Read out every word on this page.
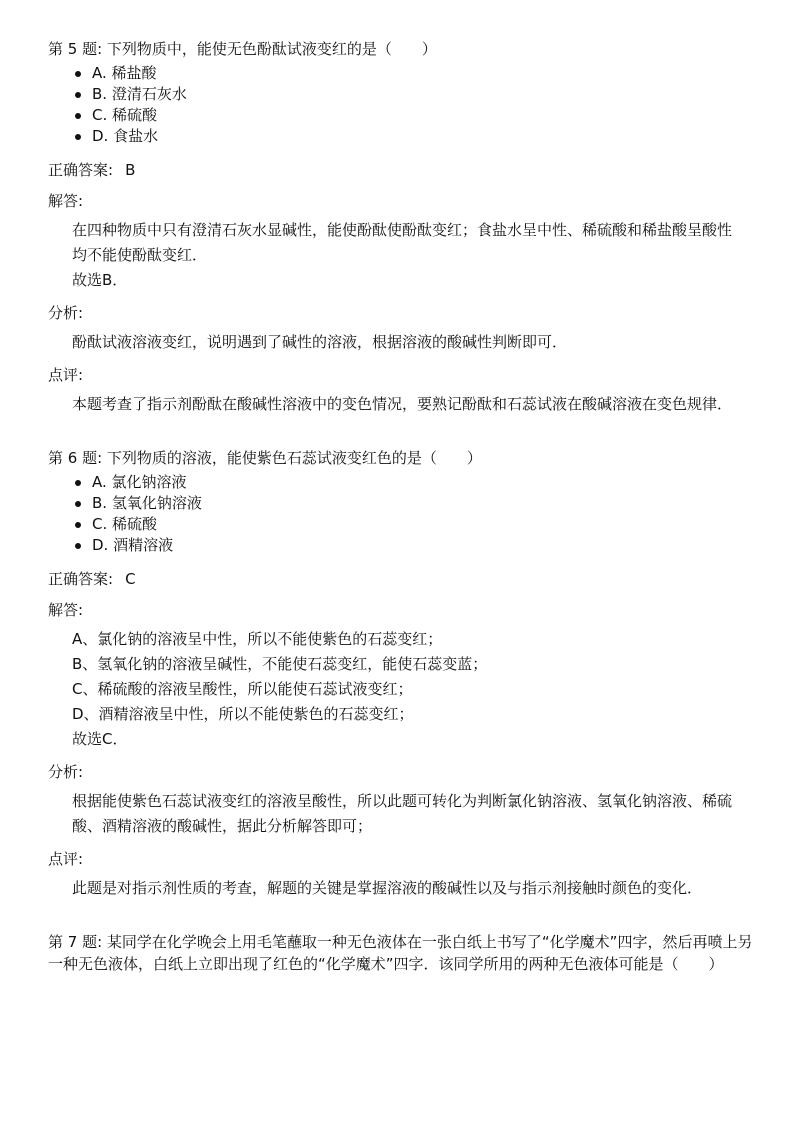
第 5 题: 下列物质中，能使无色酚酞试液变红的是（　　）

A. 稀盐酸
B. 澄清石灰水
C. 稀硫酸
D. 食盐水
正确答案: B
解答:

在四种物质中只有澄清石灰水显碱性，能使酚酞使酚酞变红；食盐水呈中性、稀硫酸和稀盐酸呈酸性均不能使酚酞变红．

故选B．

分析:

酚酞试液溶液变红，说明遇到了碱性的溶液，根据溶液的酸碱性判断即可．

点评:

本题考查了指示剂酚酞在酸碱性溶液中的变色情况，要熟记酚酞和石蕊试液在酸碱溶液在变色规律．

第 6 题: 下列物质的溶液，能使紫色石蕊试液变红色的是（　　）

A. 氯化钠溶液
B. 氢氧化钠溶液
C. 稀硫酸
D. 酒精溶液
正确答案: C
解答:

A、氯化钠的溶液呈中性，所以不能使紫色的石蕊变红；

B、氢氧化钠的溶液呈碱性，不能使石蕊变红，能使石蕊变蓝；

C、稀硫酸的溶液呈酸性，所以能使石蕊试液变红；

D、酒精溶液呈中性，所以不能使紫色的石蕊变红；

故选C．

分析:

根据能使紫色石蕊试液变红的溶液呈酸性，所以此题可转化为判断氯化钠溶液、氢氧化钠溶液、稀硫酸、酒精溶液的酸碱性，据此分析解答即可；

点评:

此题是对指示剂性质的考查，解题的关键是掌握溶液的酸碱性以及与指示剂接触时颜色的变化．

第 7 题: 某同学在化学晚会上用毛笔蘸取一种无色液体在一张白纸上书写了“化学魔术”四字，然后再喷上另一种无色液体，白纸上立即出现了红色的“化学魔术”四字．该同学所用的两种无色液体可能是（　　）
